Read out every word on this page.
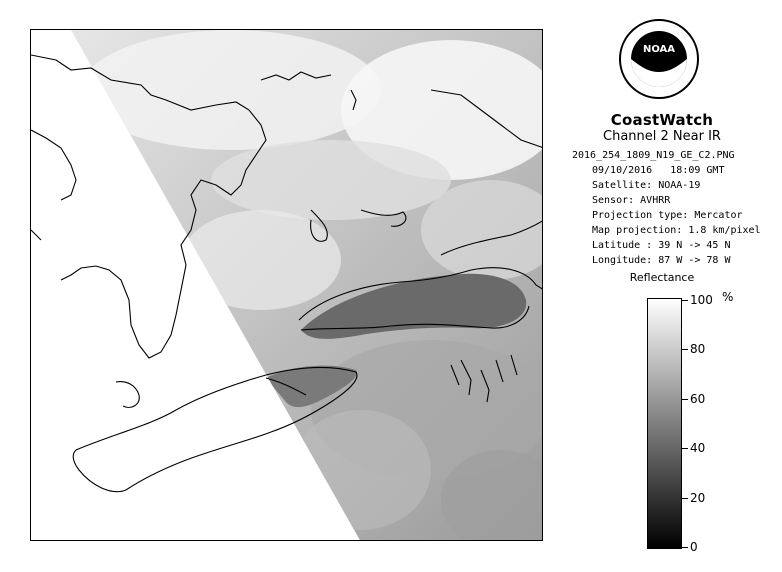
NOAA
CoastWatch
Channel 2 Near IR
2016_254_1809_N19_GE_C2.PNG
09/10/2016 18:09 GMT
Satellite: NOAA-19
Sensor: AVHRR
Projection type: Mercator
Map projection: 1.8 km/pixel
Latitude : 39 N -> 45 N
Longitude: 87 W -> 78 W
Reflectance
%
100
80
60
40
20
0
